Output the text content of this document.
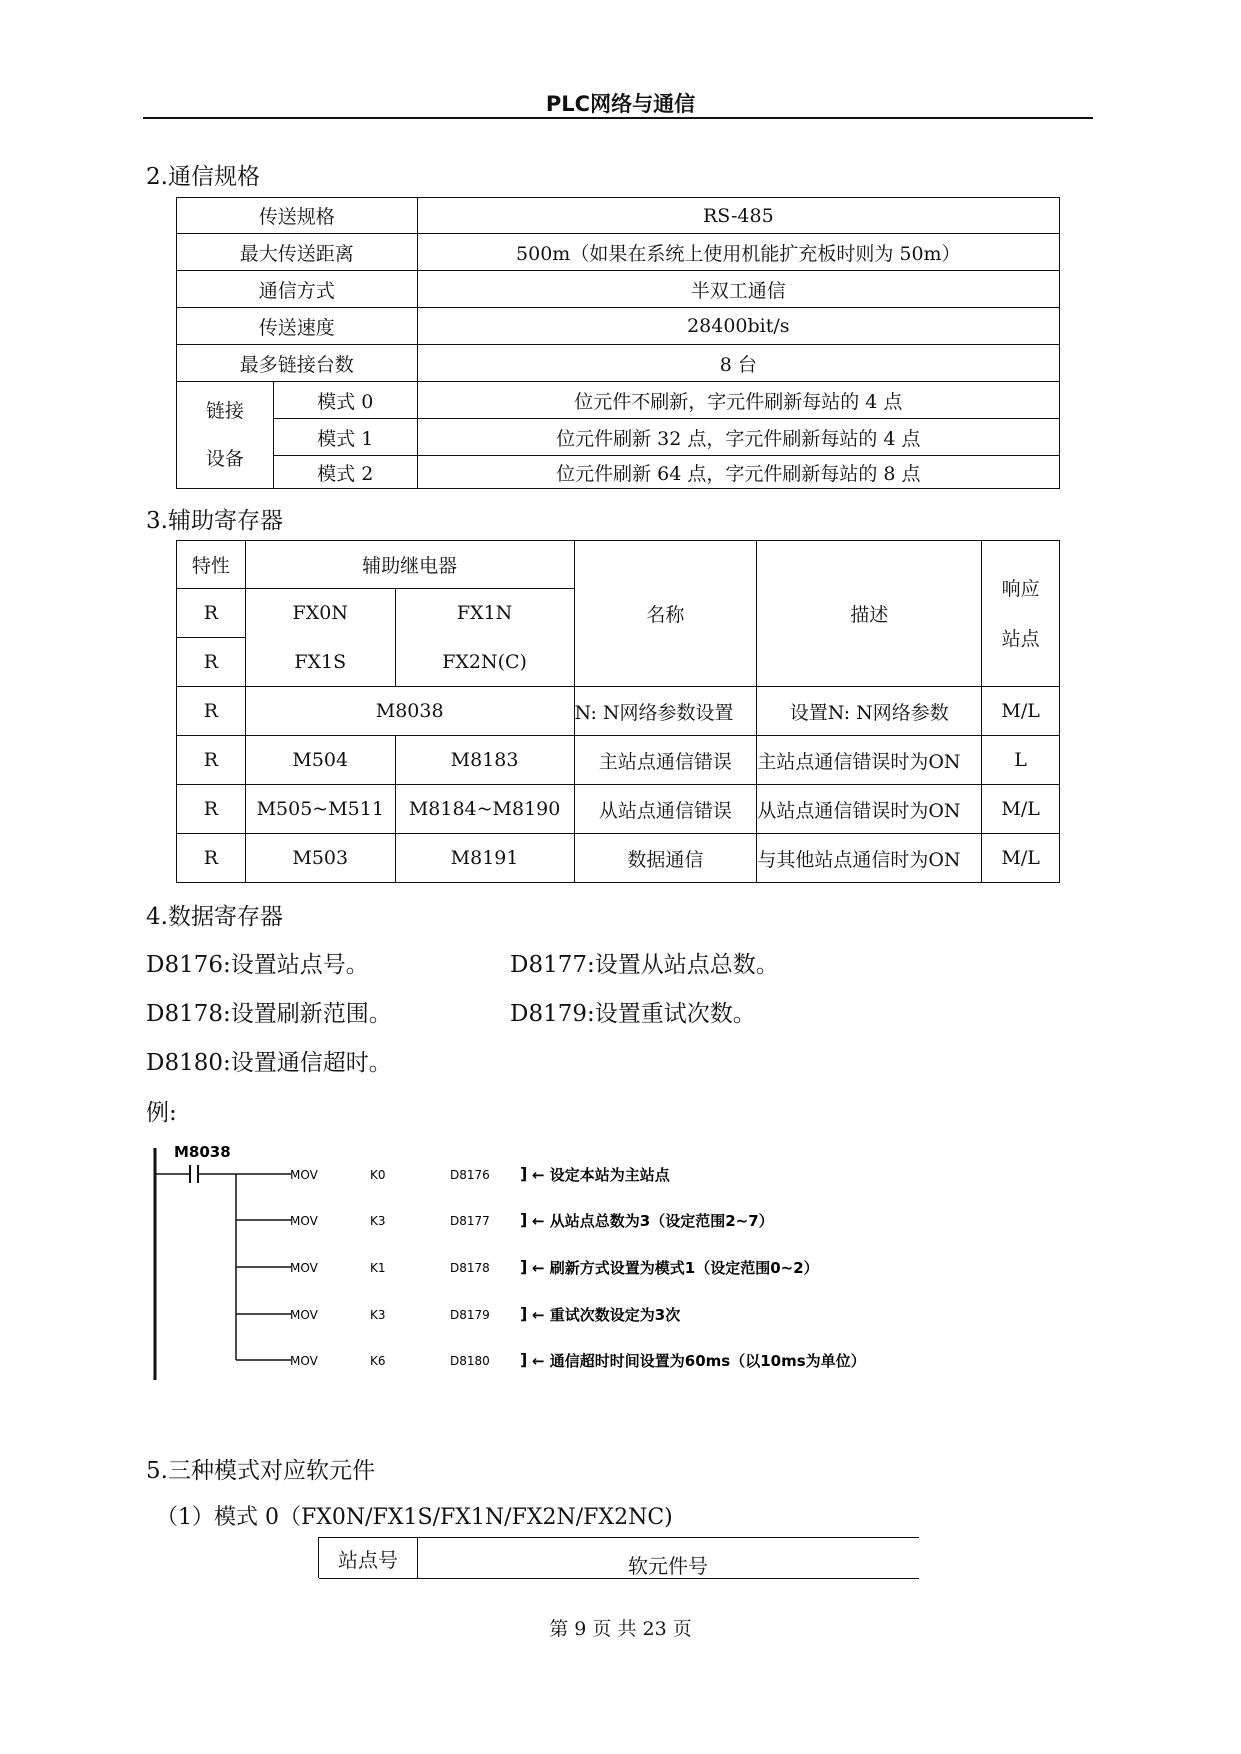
PLC网络与通信
2.通信规格
传送规格		RS-485
最大传送距离		500m（如果在系统上使用机能扩充板时则为 50m）
通信方式		半双工通信
传送速度		28400bit/s
最多链接台数		8 台

链接
设备	模式 0	位元件不刷新，字元件刷新每站的 4 点
	模式 1	位元件刷新 32 点，字元件刷新每站的 4 点
	模式 2	位元件刷新 64 点，字元件刷新每站的 8 点
3.辅助寄存器
特性	辅助继电器		名称	描述	响应
站点

R	FX0N	FX1N			
R	FX1S	FX2N(C)			
R	M8038		N: N网络参数设置	设置N: N网络参数	M/L
R	M504	M8183	主站点通信错误	主站点通信错误时为ON	L
R	M505~M511	M8184~M8190	从站点通信错误	从站点通信错误时为ON	M/L
R	M503	M8191	数据通信	与其他站点通信时为ON	M/L
4.数据寄存器
D8176:设置站点号。	D8177:设置从站点总数。
D8178:设置刷新范围。	D8179:设置重试次数。
D8180:设置通信超时。
例:
M8038
MOV	K0	D8176 ] ← 设定本站为主站点
MOV	K3	D8177 ] ← 从站点总数为3（设定范围2~7）
MOV	K1	D8178 ] ← 刷新方式设置为模式1（设定范围0~2）
MOV	K3	D8179 ] ← 重试次数设定为3次
MOV	K6	D8180 ] ← 通信超时时间设置为60ms（以10ms为单位）
5.三种模式对应软元件
（1）模式 0（FX0N/FX1S/FX1N/FX2N/FX2NC)
站点号	软元件号
第 9 页 共 23 页
